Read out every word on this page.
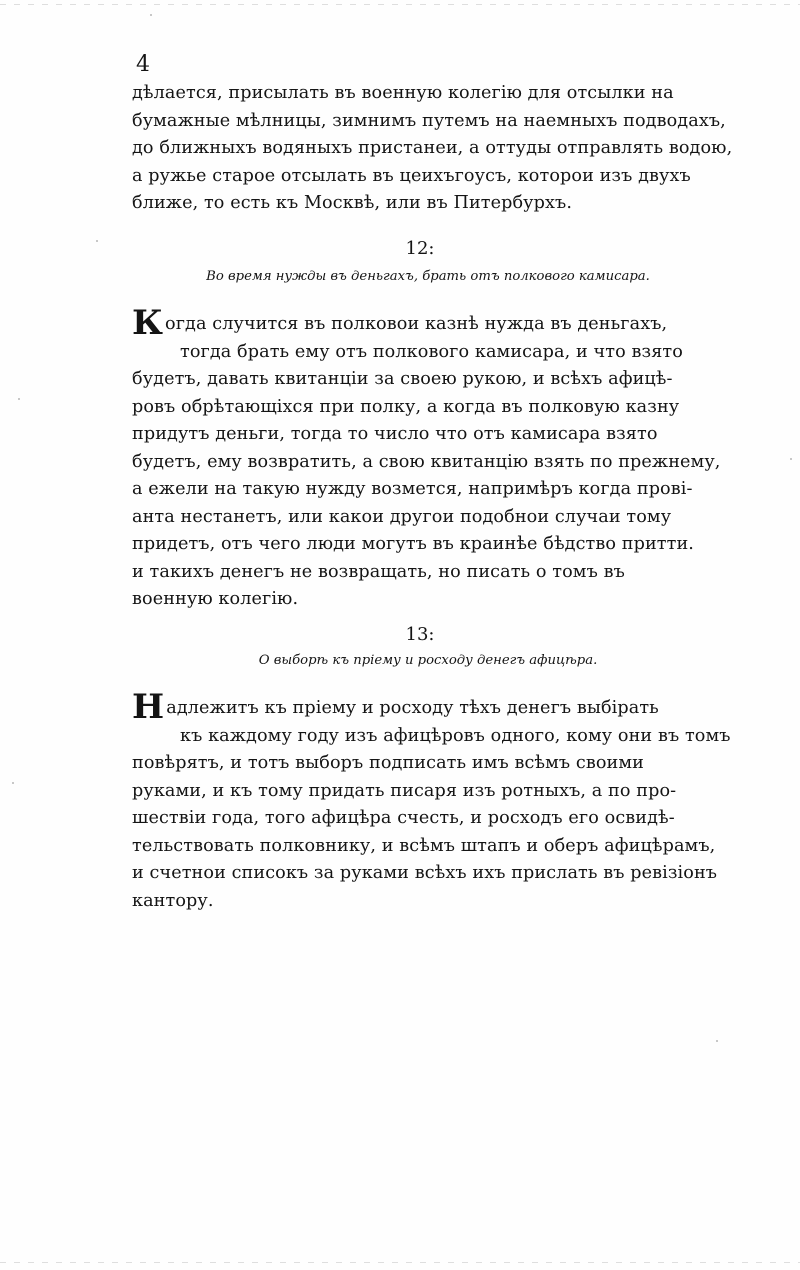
4
дѣлается, присылать въ военную колегію для отсылки на
бумажные мѣлницы, зимнимъ путемъ на наемныхъ подводахъ,
до ближныхъ водяныхъ пристанеи, а оттуды отправлять водою,
а ружье старое отсылать въ цеихъгоусъ, которои изъ двухъ
ближе, то есть къ Москвѣ, или въ Питербурхъ.
12:
Во время нужды въ деньгахъ, брать отъ полкового камисара.
Когда случится въ полковои казнѣ нужда въ деньгахъ,
тогда брать ему отъ полкового камисара, и что взято
будетъ, давать квитанціи за своею рукою, и всѣхъ афицѣ-
ровъ обрѣтающіхся при полку, а когда въ полковую казну
придутъ деньги, тогда то число что отъ камисара взято
будетъ, ему возвратить, а свою квитанцію взять по прежнему,
а ежели на такую нужду возмется, напримѣръ когда прові-
анта нестанетъ, или какои другои подобнои случаи тому
придетъ, отъ чего люди могутъ въ краинѣе бѣдство притти.
и такихъ денегъ не возвращать, но писать о томъ въ
военную колегію.
13:
О выборѣ къ пріему и росходу денегъ афицѣра.
Надлежитъ къ пріему и росходу тѣхъ денегъ выбірать
къ каждому году изъ афицѣровъ одного, кому они въ томъ
повѣрятъ, и тотъ выборъ подписать имъ всѣмъ своими
руками, и къ тому придать писаря изъ ротныхъ, а по про-
шествіи года, того афицѣра счесть, и росходъ его освидѣ-
тельствовать полковнику, и всѣмъ штапъ и оберъ афицѣрамъ,
и счетнои списокъ за руками всѣхъ ихъ прислать въ ревізіонъ
кантору.
